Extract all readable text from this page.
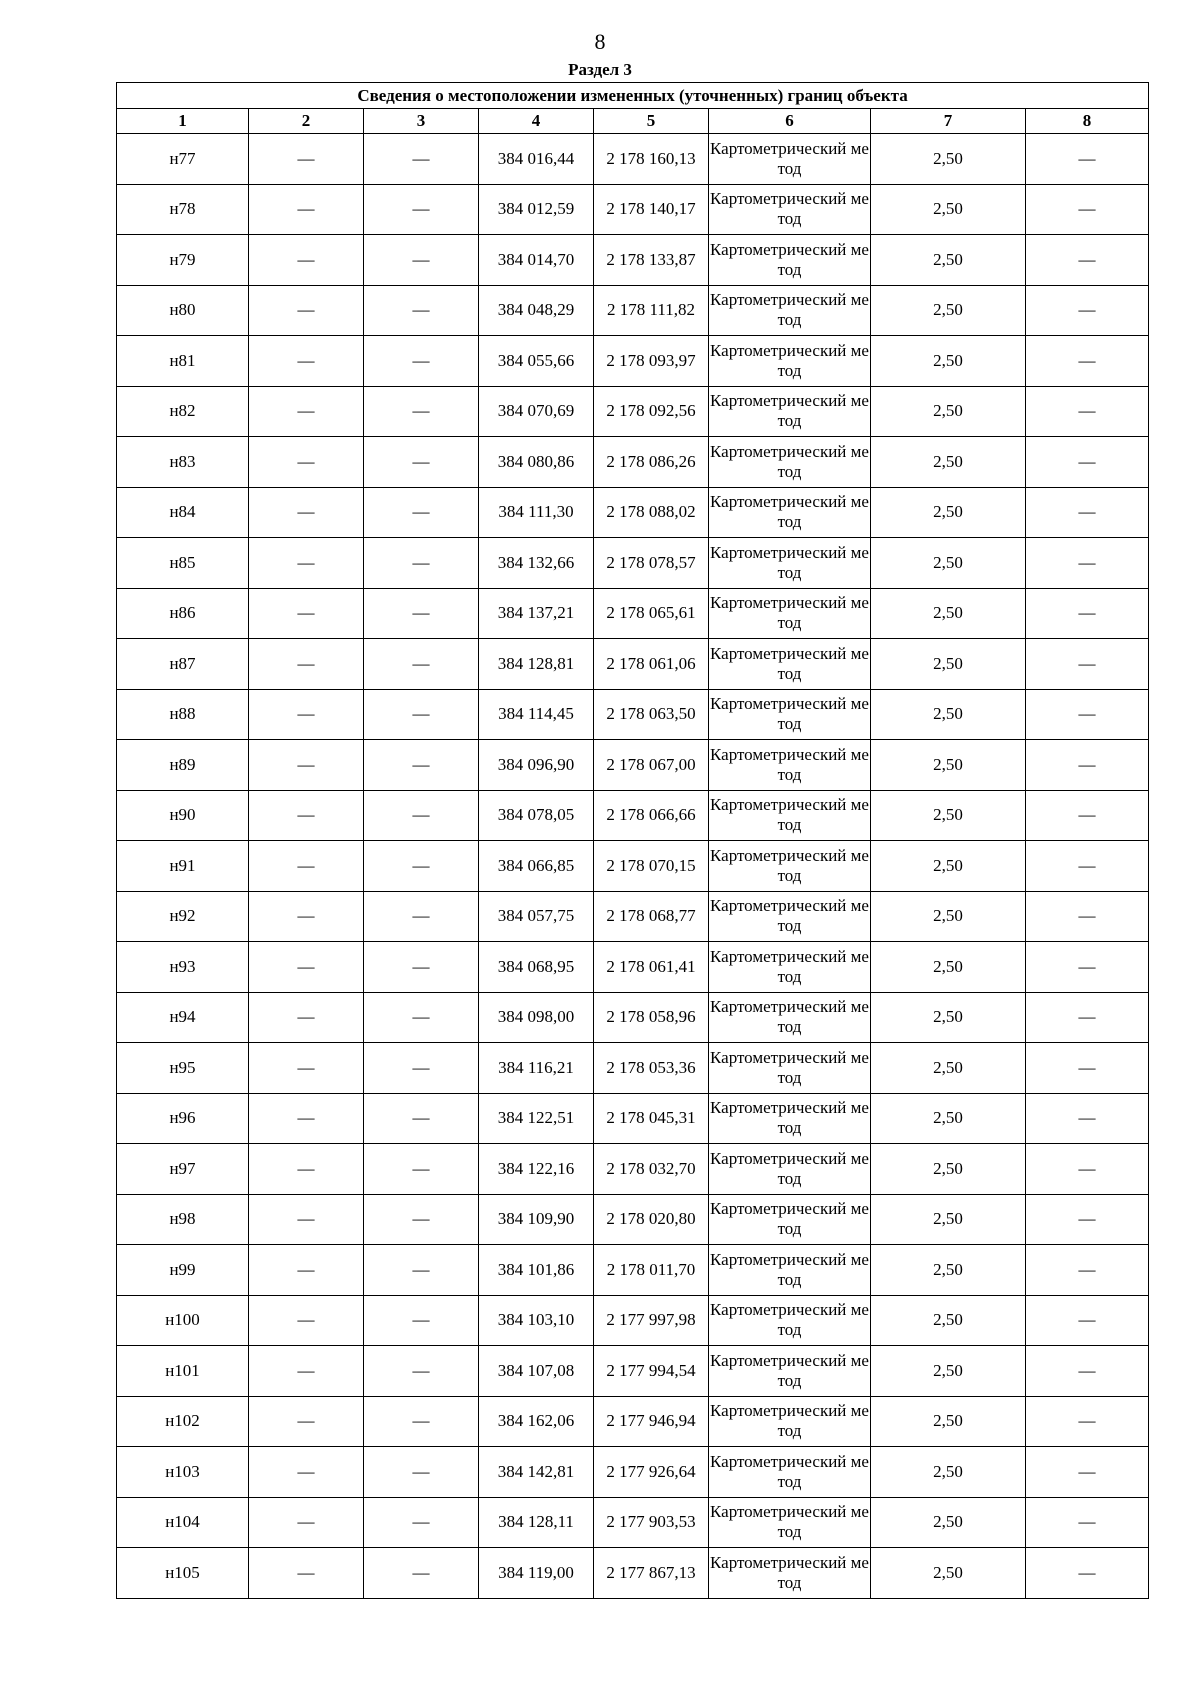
8
Раздел 3
Сведения о местоположении измененных (уточненных) границ объекта							
1	2	3	4	5	6	7	8
н77	—	—	384 016,44	2 178 160,13	Картометрический метод	2,50	—
н78	—	—	384 012,59	2 178 140,17	Картометрический метод	2,50	—
н79	—	—	384 014,70	2 178 133,87	Картометрический метод	2,50	—
н80	—	—	384 048,29	2 178 111,82	Картометрический метод	2,50	—
н81	—	—	384 055,66	2 178 093,97	Картометрический метод	2,50	—
н82	—	—	384 070,69	2 178 092,56	Картометрический метод	2,50	—
н83	—	—	384 080,86	2 178 086,26	Картометрический метод	2,50	—
н84	—	—	384 111,30	2 178 088,02	Картометрический метод	2,50	—
н85	—	—	384 132,66	2 178 078,57	Картометрический метод	2,50	—
н86	—	—	384 137,21	2 178 065,61	Картометрический метод	2,50	—
н87	—	—	384 128,81	2 178 061,06	Картометрический метод	2,50	—
н88	—	—	384 114,45	2 178 063,50	Картометрический метод	2,50	—
н89	—	—	384 096,90	2 178 067,00	Картометрический метод	2,50	—
н90	—	—	384 078,05	2 178 066,66	Картометрический метод	2,50	—
н91	—	—	384 066,85	2 178 070,15	Картометрический метод	2,50	—
н92	—	—	384 057,75	2 178 068,77	Картометрический метод	2,50	—
н93	—	—	384 068,95	2 178 061,41	Картометрический метод	2,50	—
н94	—	—	384 098,00	2 178 058,96	Картометрический метод	2,50	—
н95	—	—	384 116,21	2 178 053,36	Картометрический метод	2,50	—
н96	—	—	384 122,51	2 178 045,31	Картометрический метод	2,50	—
н97	—	—	384 122,16	2 178 032,70	Картометрический метод	2,50	—
н98	—	—	384 109,90	2 178 020,80	Картометрический метод	2,50	—
н99	—	—	384 101,86	2 178 011,70	Картометрический метод	2,50	—
н100	—	—	384 103,10	2 177 997,98	Картометрический метод	2,50	—
н101	—	—	384 107,08	2 177 994,54	Картометрический метод	2,50	—
н102	—	—	384 162,06	2 177 946,94	Картометрический метод	2,50	—
н103	—	—	384 142,81	2 177 926,64	Картометрический метод	2,50	—
н104	—	—	384 128,11	2 177 903,53	Картометрический метод	2,50	—
н105	—	—	384 119,00	2 177 867,13	Картометрический метод	2,50	—
